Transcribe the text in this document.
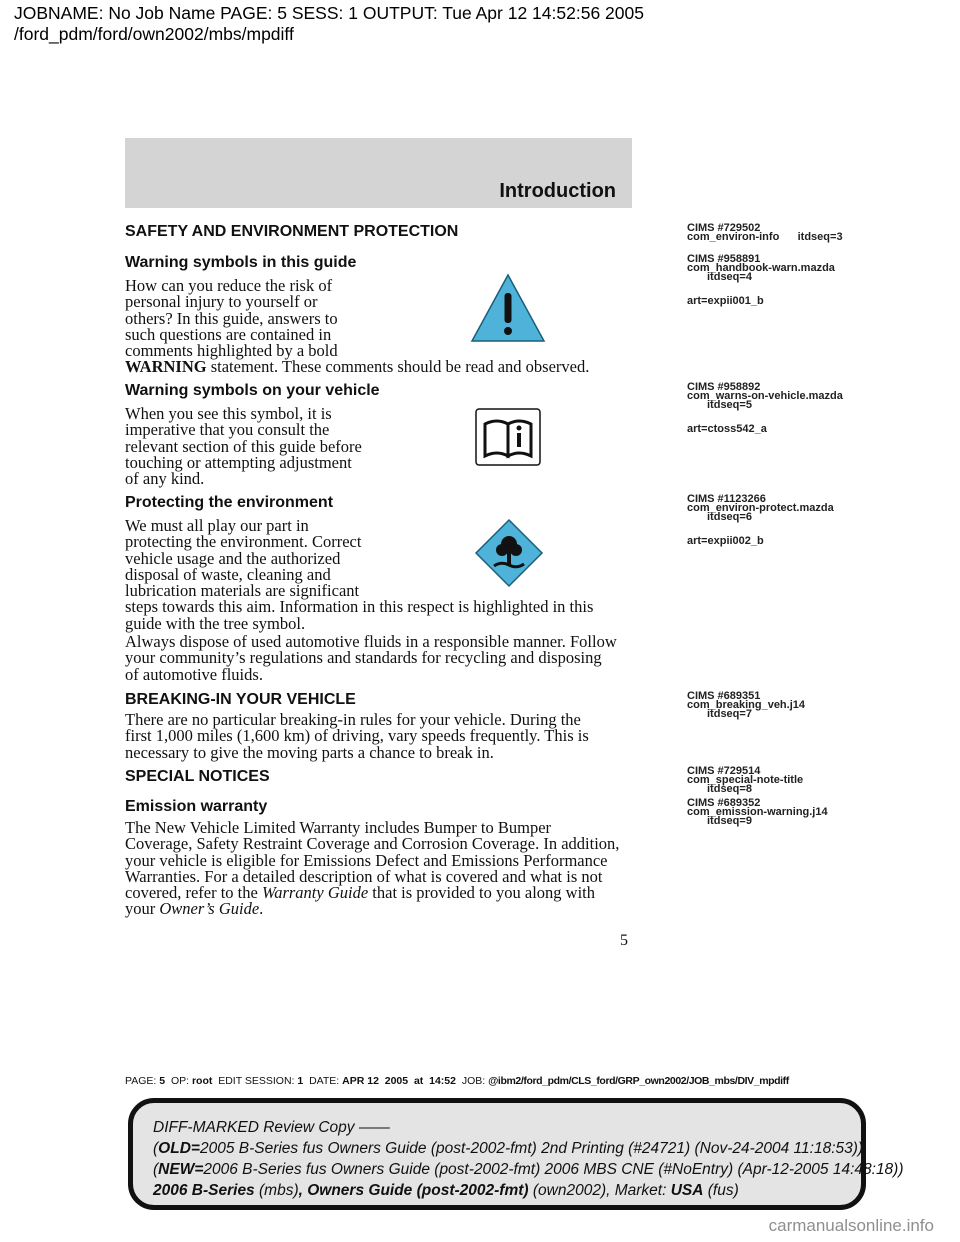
JOBNAME: No Job Name PAGE: 5 SESS: 1 OUTPUT: Tue Apr 12 14:52:56 2005
/ford_pdm/ford/own2002/mbs/mpdiff
Introduction
SAFETY AND ENVIRONMENT PROTECTION
Warning symbols in this guide
How can you reduce the risk of
personal injury to yourself or
others? In this guide, answers to
such questions are contained in
comments highlighted by a bold
WARNING statement. These comments should be read and observed.
Warning symbols on your vehicle
When you see this symbol, it is
imperative that you consult the
relevant section of this guide before
touching or attempting adjustment
of any kind.
Protecting the environment
We must all play our part in
protecting the environment. Correct
vehicle usage and the authorized
disposal of waste, cleaning and
lubrication materials are significant
steps towards this aim. Information in this respect is highlighted in this
guide with the tree symbol.
Always dispose of used automotive fluids in a responsible manner. Follow
your community’s regulations and standards for recycling and disposing
of automotive fluids.
BREAKING-IN YOUR VEHICLE
There are no particular breaking-in rules for your vehicle. During the
first 1,000 miles (1,600 km) of driving, vary speeds frequently. This is
necessary to give the moving parts a chance to break in.
SPECIAL NOTICES
Emission warranty
The New Vehicle Limited Warranty includes Bumper to Bumper
Coverage, Safety Restraint Coverage and Corrosion Coverage. In addition,
your vehicle is eligible for Emissions Defect and Emissions Performance
Warranties. For a detailed description of what is covered and what is not
covered, refer to the Warranty Guide that is provided to you along with
your Owner’s Guide.
CIMS #729502
com_environ-info      itdseq=3
CIMS #958891
com_handbook-warn.mazda
itdseq=4
art=expii001_b
CIMS #958892
com_warns-on-vehicle.mazda
itdseq=5
art=ctoss542_a
CIMS #1123266
com_environ-protect.mazda
itdseq=6
art=expii002_b
CIMS #689351
com_breaking_veh.j14
itdseq=7
CIMS #729514
com_special-note-title
itdseq=8
CIMS #689352
com_emission-warning.j14
itdseq=9
5
PAGE: 5 OP: root EDIT SESSION: 1 DATE: APR 12  2005  at  14:52 JOB: @ibm2/ford_pdm/CLS_ford/GRP_own2002/JOB_mbs/DIV_mpdiff
DIFF-MARKED Review Copy ——
(OLD=2005 B-Series fus Owners Guide (post-2002-fmt) 2nd Printing (#24721) (Nov-24-2004 11:18:53))
(NEW=2006 B-Series fus Owners Guide (post-2002-fmt) 2006 MBS CNE (#NoEntry) (Apr-12-2005 14:48:18))
2006 B-Series (mbs), Owners Guide (post-2002-fmt) (own2002), Market: USA (fus)
carmanualsonline.info
